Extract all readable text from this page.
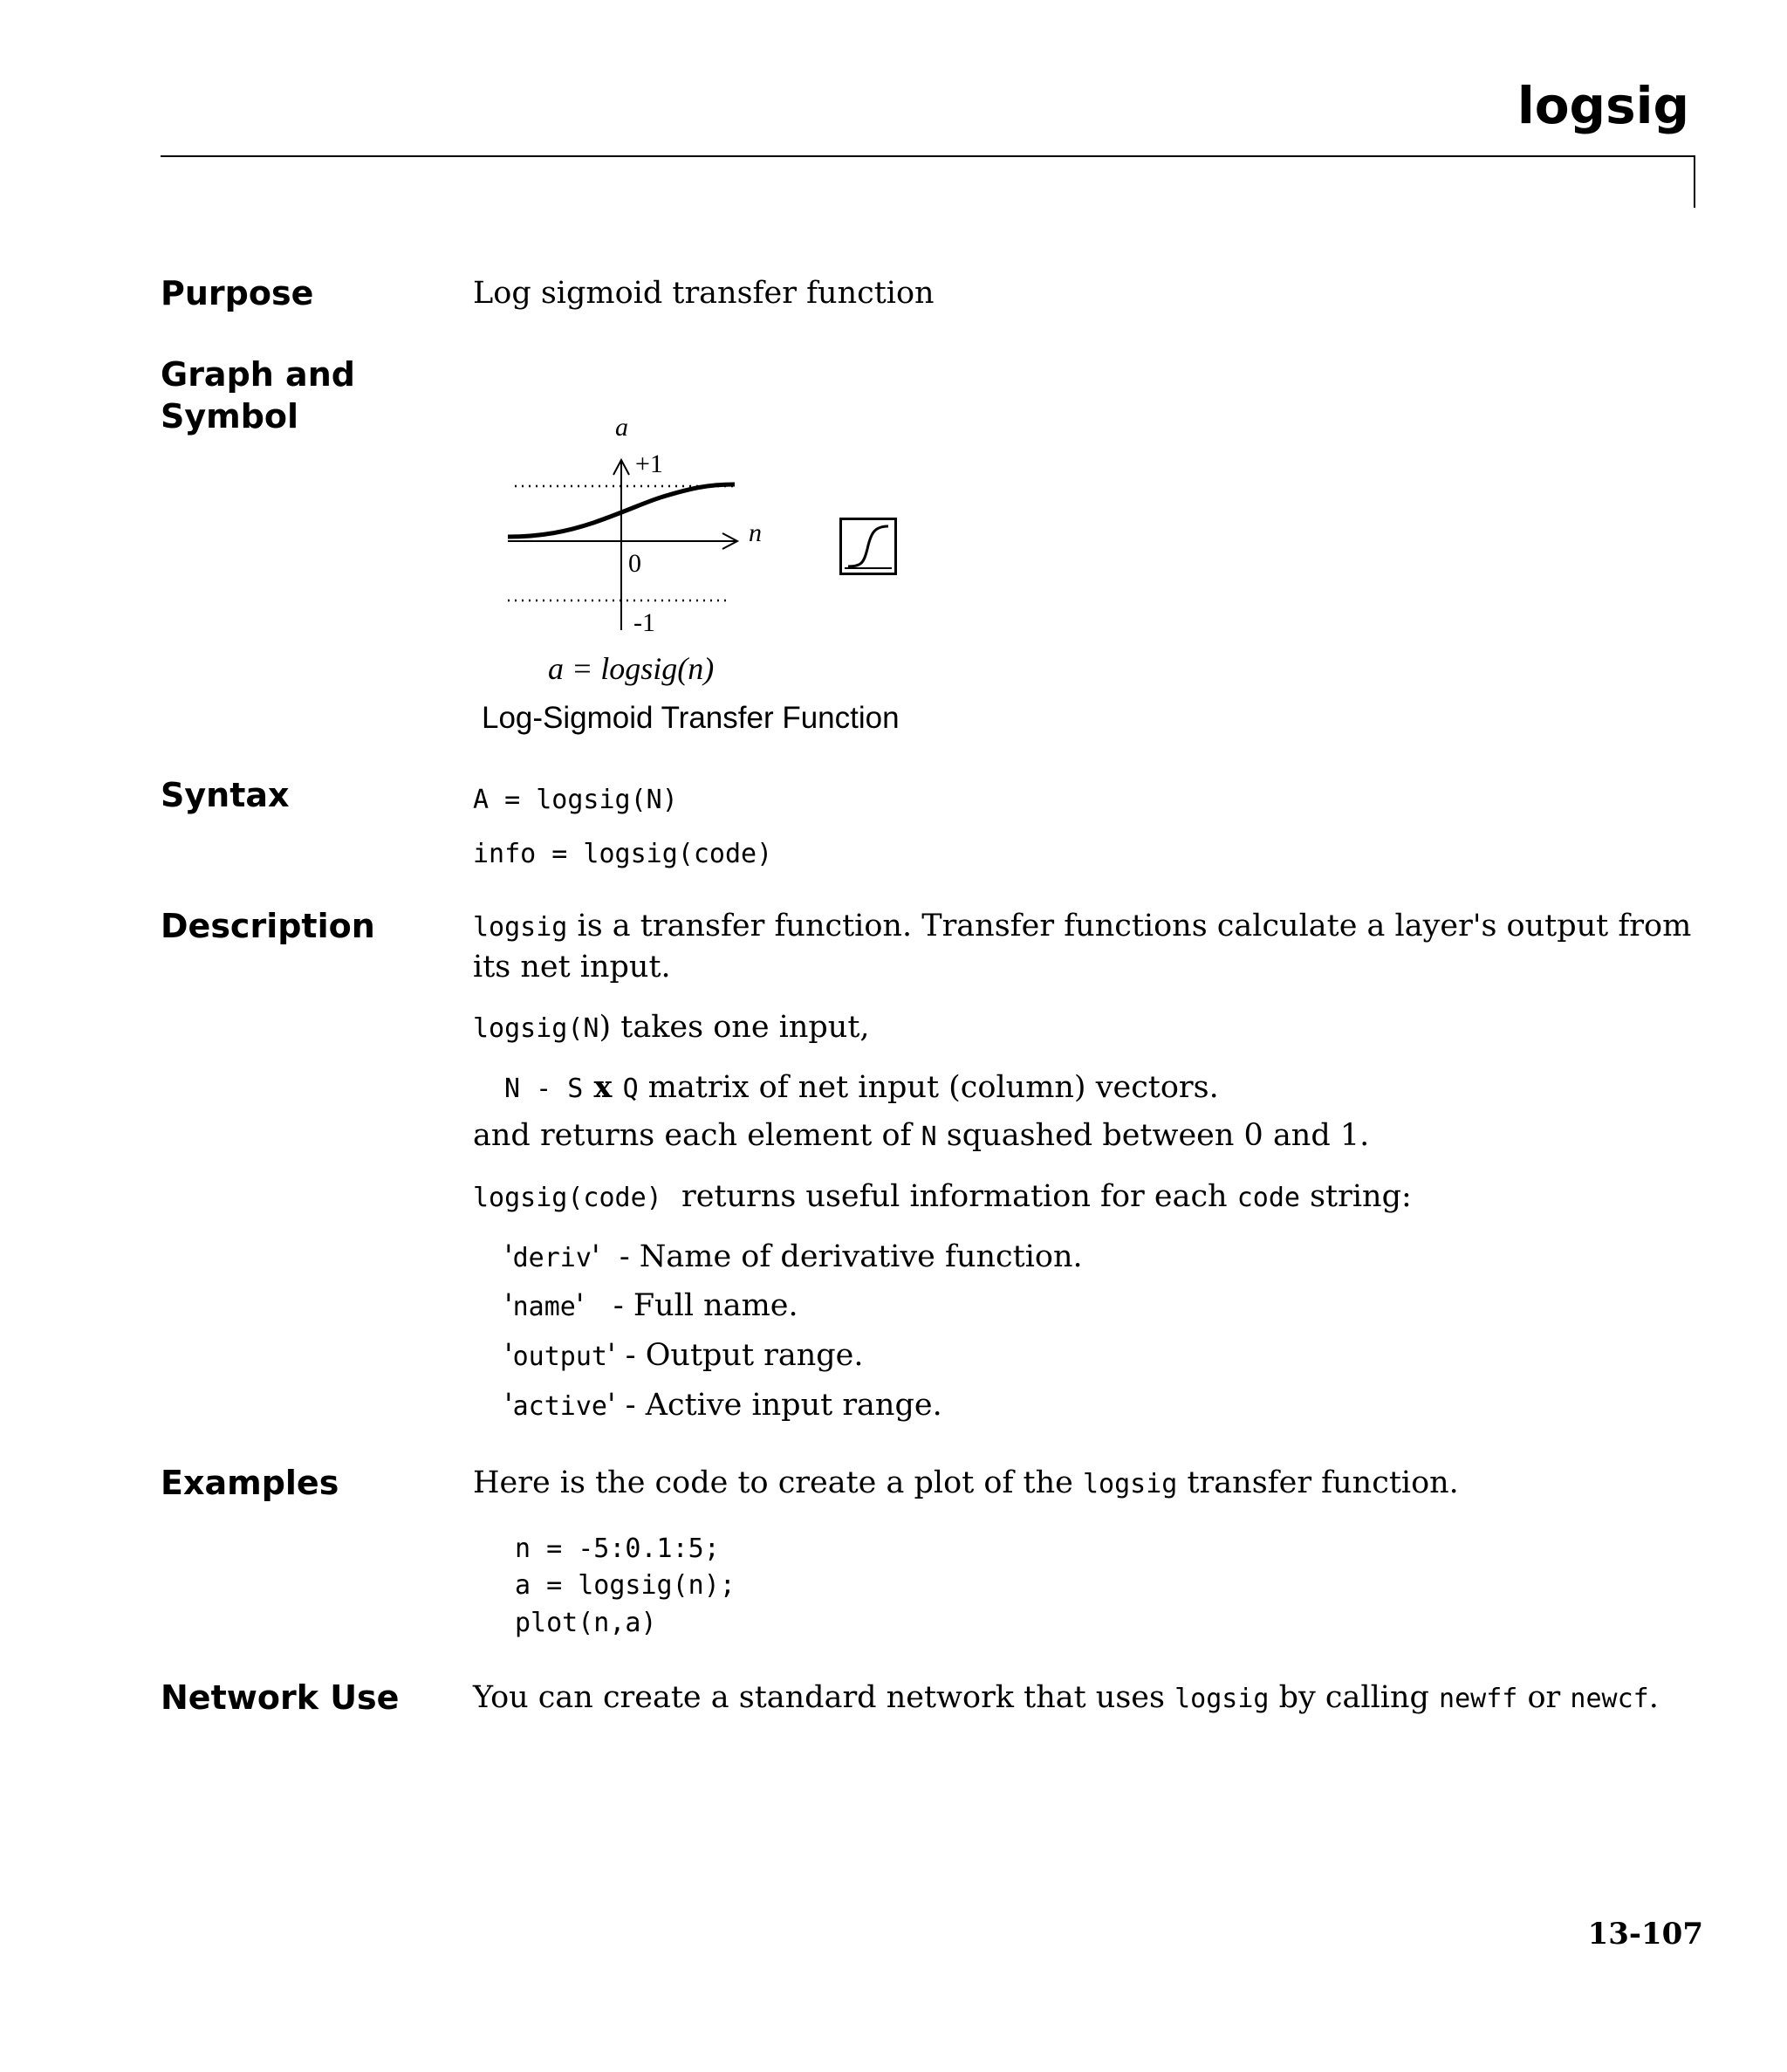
logsig
Purpose	Log sigmoid transfer function
Graph and
Symbol	a
n
+1
0
-1
a = logsig(n)
Log-Sigmoid Transfer Function
Syntax	A = logsig(N)
info = logsig(code)
Description	logsig is a transfer function. Transfer functions calculate a layer's output from
its net input.
logsig(N) takes one input,
N - S x Q matrix of net input (column) vectors.
and returns each element of N squashed between 0 and 1.
logsig(code)  returns useful information for each code string:
'deriv'  - Name of derivative function.
'name'   - Full name.
'output' - Output range.
'active' - Active input range.
Examples	Here is the code to create a plot of the logsig transfer function.
n = -5:0.1:5;
a = logsig(n);
plot(n,a)
Network Use You can create a standard network that uses logsig by calling newff or newcf.
13-107
